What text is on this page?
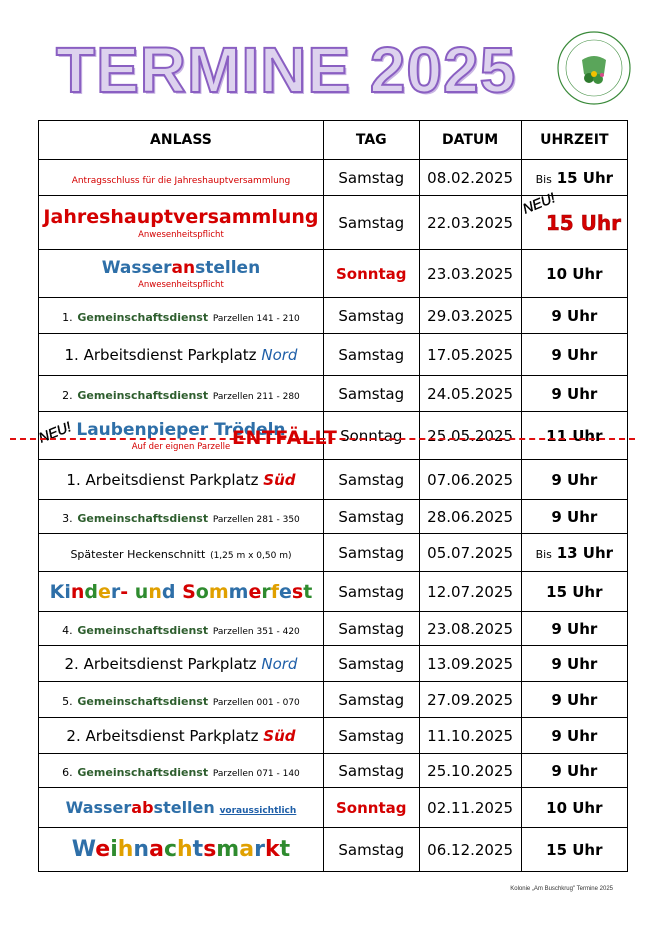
TERMINE 2025
ANLASS	TAG	DATUM	UHRZEIT
Antragsschluss für die Jahreshauptversammlung	Samstag	08.02.2025	Bis 15 Uhr
Jahreshauptversammlung
Anwesenheitspflicht	Samstag	22.03.2025	15 Uhr
Wasseranstellen
Anwesenheitspflicht	Sonntag	23.03.2025	10 Uhr
1. Gemeinschaftsdienst Parzellen 141 - 210	Samstag	29.03.2025	9 Uhr
1. Arbeitsdienst Parkplatz Nord	Samstag	17.05.2025	9 Uhr
2. Gemeinschaftsdienst Parzellen 211 - 280	Samstag	24.05.2025	9 Uhr
Laubenpieper Trödeln
Auf der eignen Parzelle	Sonntag	25.05.2025	11 Uhr
1. Arbeitsdienst Parkplatz Süd	Samstag	07.06.2025	9 Uhr
3. Gemeinschaftsdienst Parzellen 281 - 350	Samstag	28.06.2025	9 Uhr
Spätester Heckenschnitt (1,25 m x 0,50 m)	Samstag	05.07.2025	Bis 13 Uhr
Kinder- und Sommerfest	Samstag	12.07.2025	15 Uhr
4. Gemeinschaftsdienst Parzellen 351 - 420	Samstag	23.08.2025	9 Uhr
2. Arbeitsdienst Parkplatz Nord	Samstag	13.09.2025	9 Uhr
5. Gemeinschaftsdienst Parzellen 001 - 070	Samstag	27.09.2025	9 Uhr
2. Arbeitsdienst Parkplatz Süd	Samstag	11.10.2025	9 Uhr
6. Gemeinschaftsdienst Parzellen 071 - 140	Samstag	25.10.2025	9 Uhr
Wasserabstellen voraussichtlich	Sonntag	02.11.2025	10 Uhr
Weihnachtsmarkt	Samstag	06.12.2025	15 Uhr
NEU!
NEU!	ENTFÄLLT
Kolonie „Am Buschkrug" Termine 2025
